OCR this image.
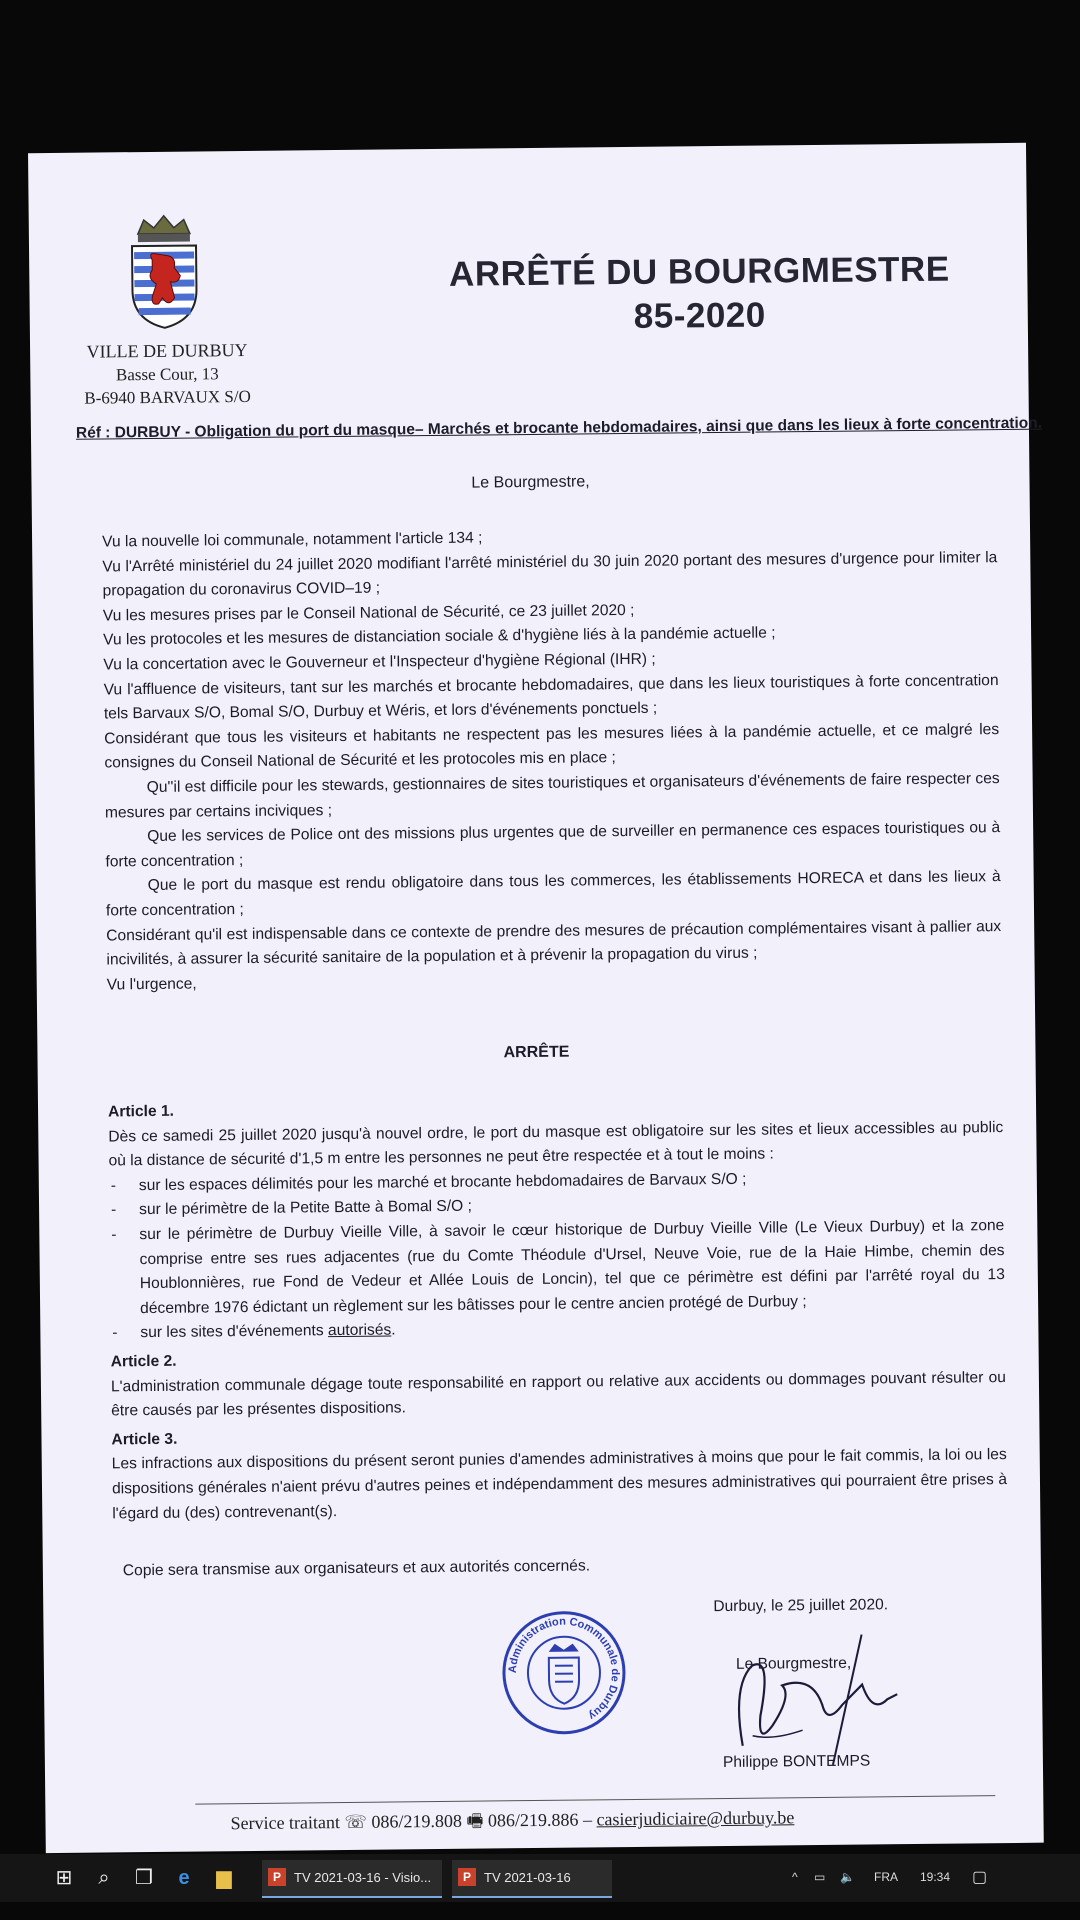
VILLE DE DURBUY
Basse Cour, 13
B-6940 BARVAUX S/O
ARRÊTÉ DU BOURGMESTRE
85-2020
Réf : DURBUY - Obligation du port du masque– Marchés et brocante hebdomadaires, ainsi que dans les lieux à forte concentration.
Le Bourgmestre,

Vu la nouvelle loi communale, notamment l'article 134 ;

Vu l'Arrêté ministériel du 24 juillet 2020 modifiant l'arrêté ministériel du 30 juin 2020 portant des mesures d'urgence pour limiter la propagation du coronavirus COVID–19 ;

Vu les mesures prises par le Conseil National de Sécurité, ce 23 juillet 2020 ;

Vu les protocoles et les mesures de distanciation sociale & d'hygiène liés à la pandémie actuelle ;

Vu la concertation avec le Gouverneur et l'Inspecteur d'hygiène Régional (IHR) ;

Vu l'affluence de visiteurs, tant sur les marchés et brocante hebdomadaires, que dans les lieux touristiques à forte concentration tels Barvaux S/O, Bomal S/O, Durbuy et Wéris, et lors d'événements ponctuels ;

Considérant que tous les visiteurs et habitants ne respectent pas les mesures liées à la pandémie actuelle, et ce malgré les consignes du Conseil National de Sécurité et les protocoles mis en place ;

Qu''il est difficile pour les stewards, gestionnaires de sites touristiques et organisateurs d'événements de faire respecter ces mesures par certains inciviques ;

Que les services de Police ont des missions plus urgentes que de surveiller en permanence ces espaces touristiques ou à forte concentration ;

Que le port du masque est rendu obligatoire dans tous les commerces, les établissements HORECA et dans les lieux à forte concentration ;

Considérant qu'il est indispensable dans ce contexte de prendre des mesures de précaution complémentaires visant à pallier aux incivilités, à assurer la sécurité sanitaire de la population et à prévenir la propagation du virus ;

Vu l'urgence,

ARRÊTE

Article 1.

Dès ce samedi 25 juillet 2020 jusqu'à nouvel ordre, le port du masque est obligatoire sur les sites et lieux accessibles au public où la distance de sécurité d'1,5 m entre les personnes ne peut être respectée et à tout le moins :

- sur les espaces délimités pour les marché et brocante hebdomadaires de Barvaux S/O ;

- sur le périmètre de la Petite Batte à Bomal S/O ;

- sur le périmètre de Durbuy Vieille Ville, à savoir le cœur historique de Durbuy Vieille Ville (Le Vieux Durbuy) et la zone comprise entre ses rues adjacentes (rue du Comte Théodule d'Ursel, Neuve Voie, rue de la Haie Himbe, chemin des Houblonnières, rue Fond de Vedeur et Allée Louis de Loncin), tel que ce périmètre est défini par l'arrêté royal du 13 décembre 1976 édictant un règlement sur les bâtisses pour le centre ancien protégé de Durbuy ;

- sur les sites d'événements autorisés.

Article 2.

L'administration communale dégage toute responsabilité en rapport ou relative aux accidents ou dommages pouvant résulter ou être causés par les présentes dispositions.

Article 3.

Les infractions aux dispositions du présent seront punies d'amendes administratives à moins que pour le fait commis, la loi ou les dispositions générales n'aient prévu d'autres peines et indépendamment des mesures administratives qui pourraient être prises à l'égard du (des) contrevenant(s).

Copie sera transmise aux organisateurs et aux autorités concernés.
Durbuy, le 25 juillet 2020.
Le Bourgmestre,
Administration Communale de Durbuy
Philippe BONTEMPS
Service traitant ☏ 086/219.808 🖷 086/219.886 – casierjudiciaire@durbuy.be
⊞	⌕	❐	e	▆	P	TV 2021-03-16 - Visio...	P	TV 2021-03-16	^ ▭ 🔈 FRA 19:34 ▢
